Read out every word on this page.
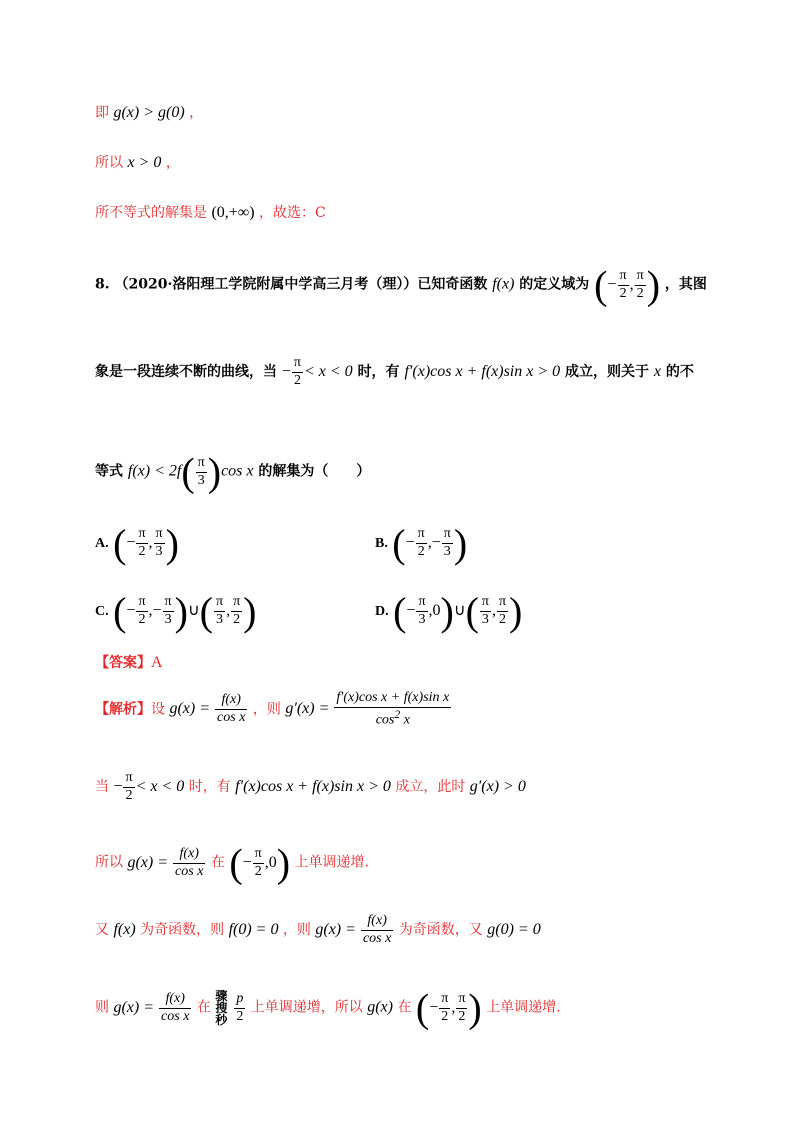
即 g(x) > g(0) ，
所以 x > 0 ，
所不等式的解集是 (0,+∞) ，故选：C
8. （2020·洛阳理工学院附属中学高三月考（理））已知奇函数 f(x) 的定义域为 (− $\frac{\pi}{2}$ , $\frac{\pi}{2}$ ) ，其图
象是一段连续不断的曲线，当 − $\frac{\pi}{2} < x < 0$ 时，有 f′(x)cos x + f(x)sin x > 0 成立，则关于 x 的不
等式 $f(x) < 2f( \frac{\pi}{3} )\cos$ x 的解集为（　　）
A. (− $\frac{\pi}{2}$ , $\frac{\pi}{3}$ )	B. (− $\frac{\pi}{2}$ ,− $\frac{\pi}{3}$ )
C. (− $\frac{\pi}{2}$ ,− $\frac{\pi}{3}$ )∪( $\frac{\pi}{3}$ , $\frac{\pi}{2}$ )	D. (− $\frac{\pi}{3}$ ,0)∪( $\frac{\pi}{3}$ , $\frac{\pi}{2}$ )
【答案】A
【解析】设 $g(x) = \frac{f(x)}{\text{cos x}}$ ，则 $g'(x) = \frac{\text{f′(x)cos x + f(x)sin x}}{\cos^2 x}$
当 − $\frac{\pi}{2} < x < 0$ 时，有 f′(x)cos x + f(x)sin x > 0 成立，此时 g′(x) > 0
所以 $g(x) = \frac{f(x)}{\text{cos x}}$ 在 (− $\frac{\pi}{2} ,0$) 上单调递增.
又 f(x) 为奇函数，则 f(0) = 0 ，则 $g(x) = \frac{f(x)}{\text{cos x}}$ 为奇函数，又 g(0) = 0
则 $g(x) = \frac{f(x)}{\text{cos x}}$ 在 骤
搜
秒 $\frac{p}{2}$ 上单调递增，所以 g(x) 在 (− $\frac{\pi}{2}$ , $\frac{\pi}{2}$ ) 上单调递增.
